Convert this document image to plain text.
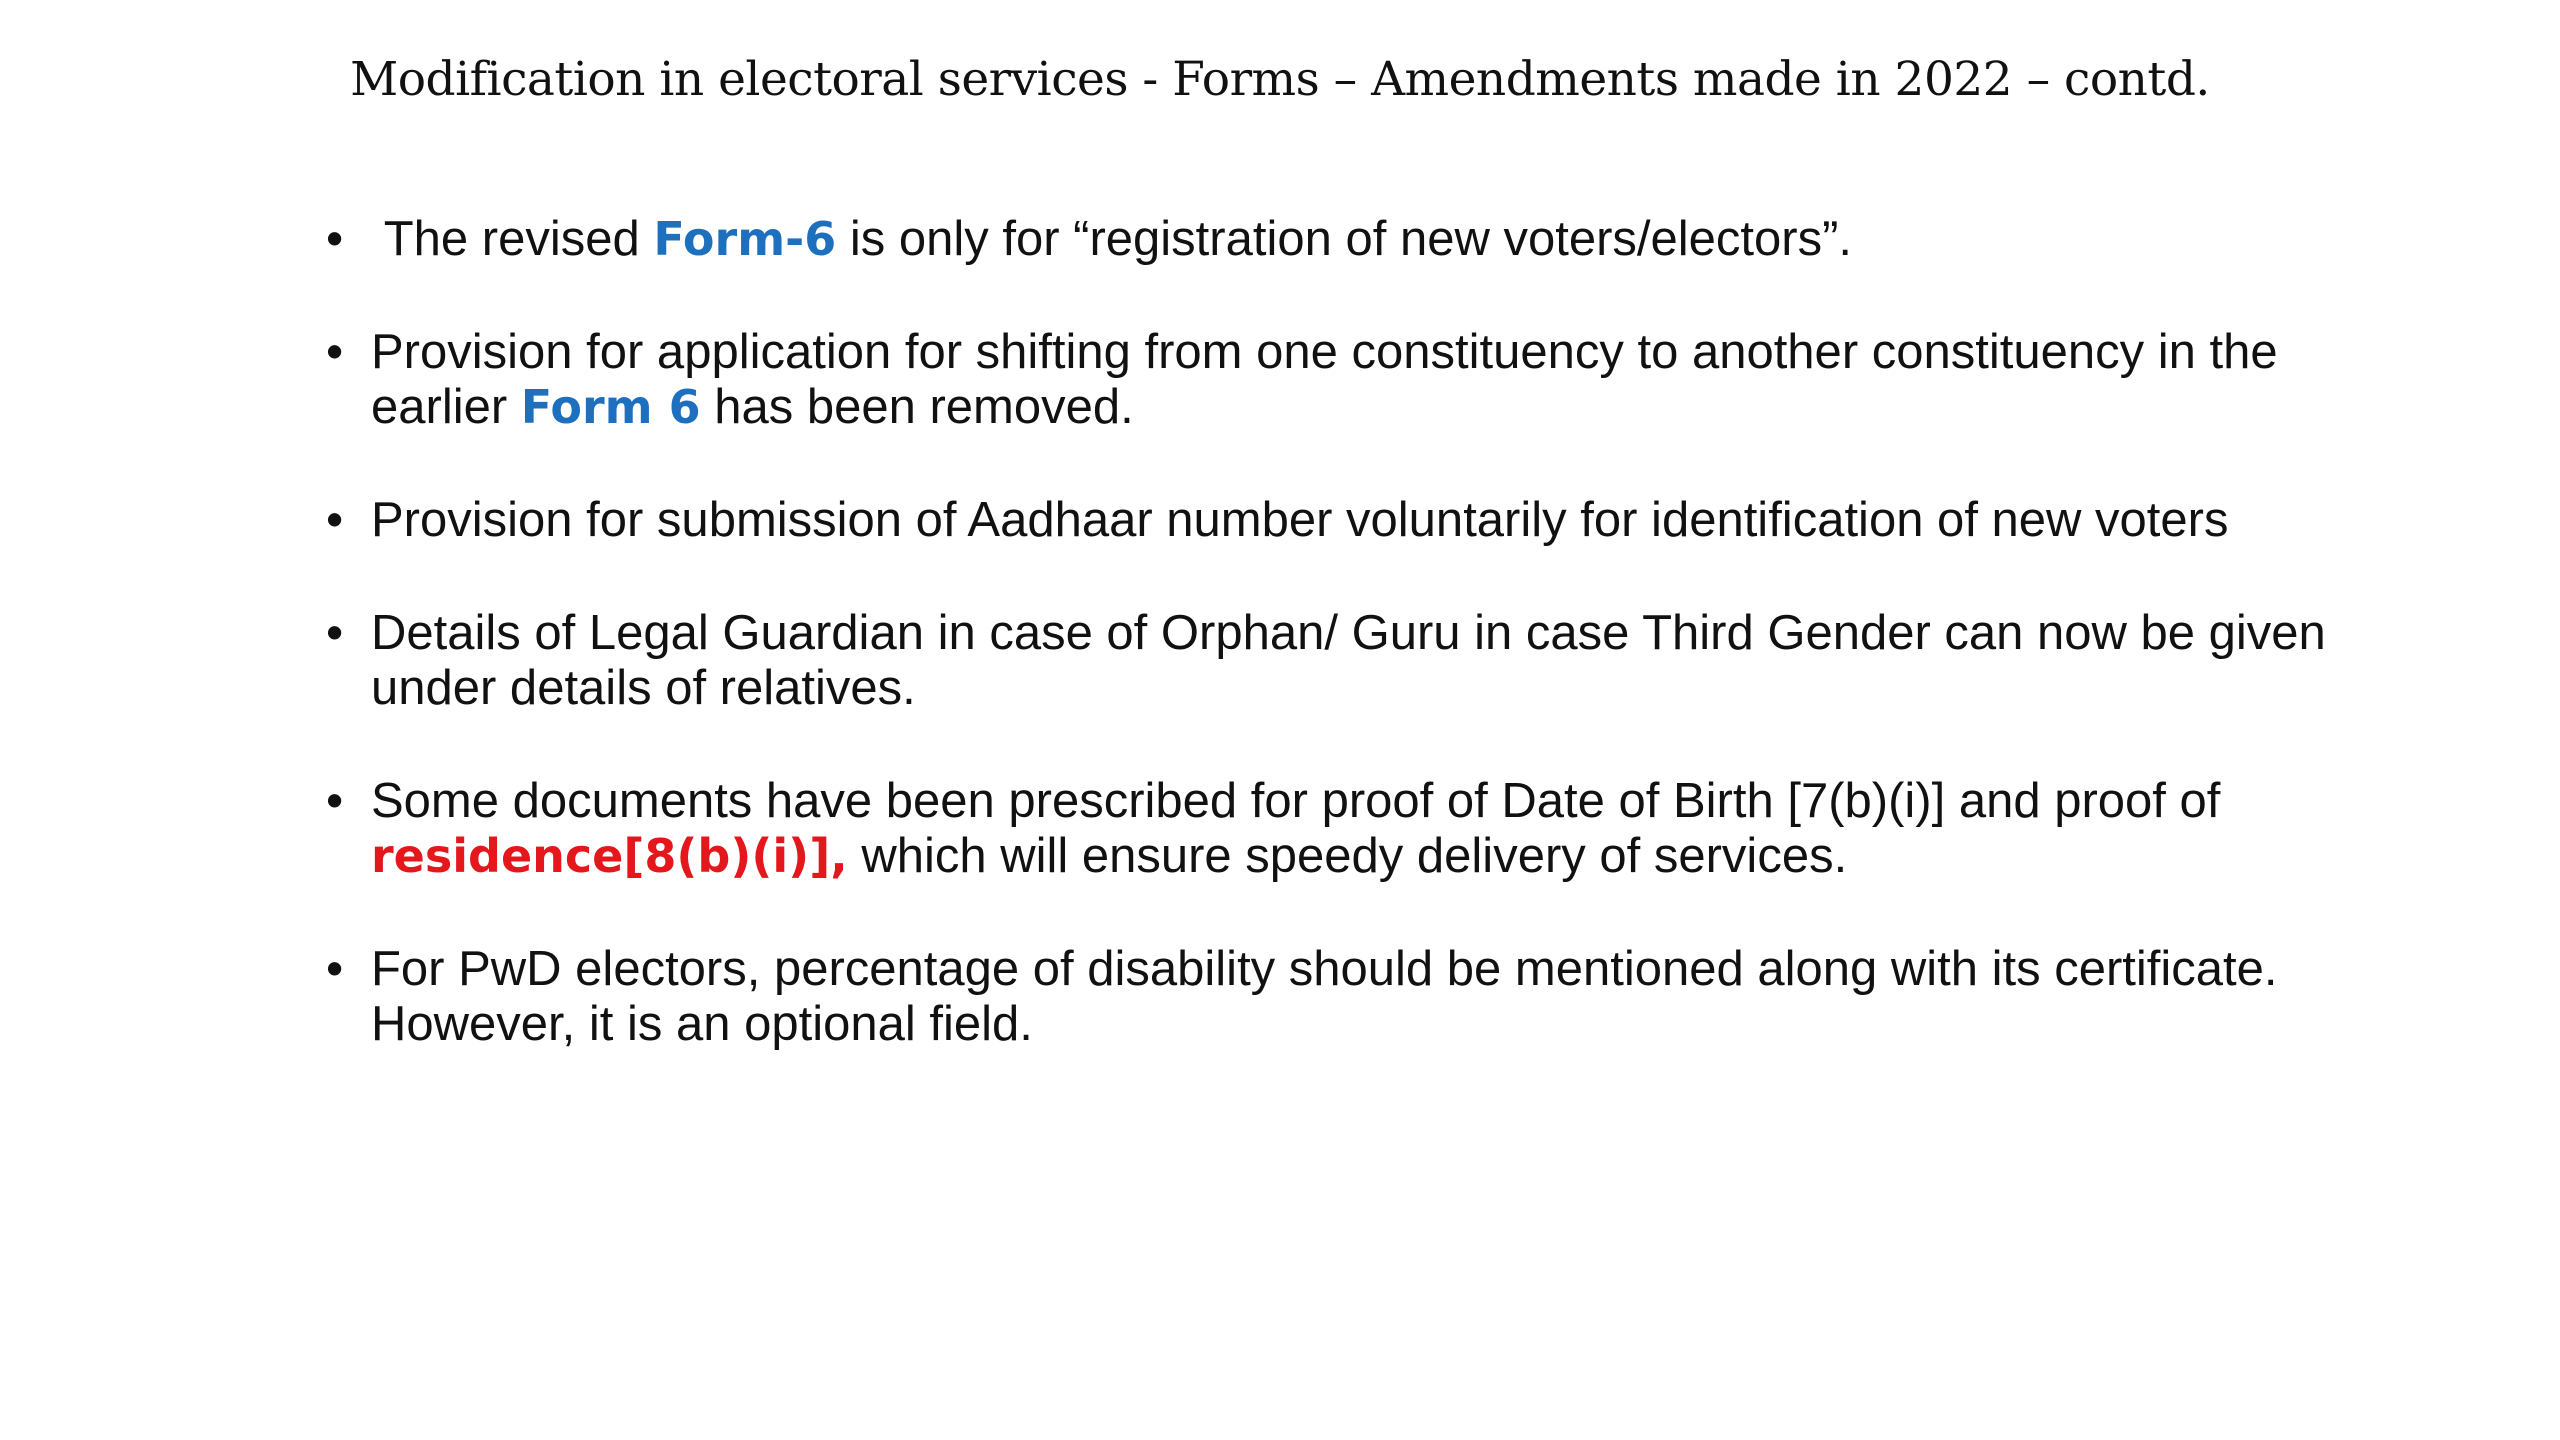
Modification in electoral services - Forms – Amendments made in 2022 – contd.
• The revised Form-6 is only for “registration of new voters/electors”.
• Provision for application for shifting from one constituency to another constituency in the earlier Form 6 has been removed.
• Provision for submission of Aadhaar number voluntarily for identification of new voters
• Details of Legal Guardian in case of Orphan/ Guru in case Third Gender can now be given under details of relatives.
• Some documents have been prescribed for proof of Date of Birth [7(b)(i)] and proof of residence[8(b)(i)], which will ensure speedy delivery of services.
• For PwD electors, percentage of disability should be mentioned along with its certificate. However, it is an optional field.
